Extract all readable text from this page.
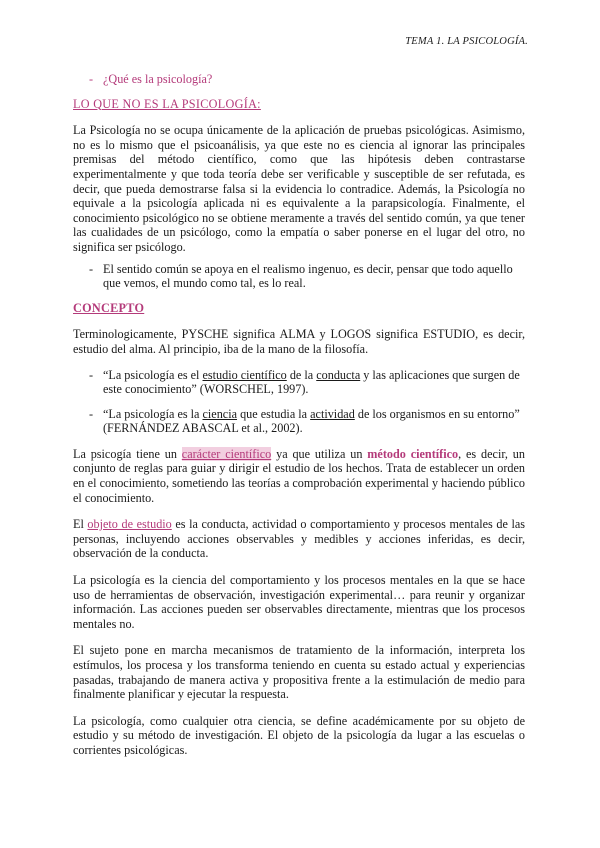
TEMA 1. LA PSICOLOGÍA.
- ¿Qué es la psicología?

LO QUE NO ES LA PSICOLOGÍA:

La Psicología no se ocupa únicamente de la aplicación de pruebas psicológicas. Asimismo, no es lo mismo que el psicoanálisis, ya que este no es ciencia al ignorar las principales premisas del método científico, como que las hipótesis deben contrastarse experimentalmente y que toda teoría debe ser verificable y susceptible de ser refutada, es decir, que pueda demostrarse falsa si la evidencia lo contradice. Además, la Psicología no equivale a la psicología aplicada ni es equivalente a la parapsicología. Finalmente, el conocimiento psicológico no se obtiene meramente a través del sentido común, ya que tener las cualidades de un psicólogo, como la empatía o saber ponerse en el lugar del otro, no significa ser psicólogo.

- El sentido común se apoya en el realismo ingenuo, es decir, pensar que todo aquello que vemos, el mundo como tal, es lo real.

CONCEPTO

Terminologicamente, PYSCHE significa ALMA y LOGOS significa ESTUDIO, es decir, estudio del alma. Al principio, iba de la mano de la filosofía.

- “La psicología es el estudio científico de la conducta y las aplicaciones que surgen de este conocimiento” (WORSCHEL, 1997).
- “La psicología es la ciencia que estudia la actividad de los organismos en su entorno” (FERNÁNDEZ ABASCAL et al., 2002).

La psicogía tiene un carácter científico ya que utiliza un método científico, es decir, un conjunto de reglas para guiar y dirigir el estudio de los hechos. Trata de establecer un orden en el conocimiento, sometiendo las teorías a comprobación experimental y haciendo público el conocimiento.

El objeto de estudio es la conducta, actividad o comportamiento y procesos mentales de las personas, incluyendo acciones observables y medibles y acciones inferidas, es decir, observación de la conducta.

La psicología es la ciencia del comportamiento y los procesos mentales en la que se hace uso de herramientas de observación, investigación experimental… para reunir y organizar información. Las acciones pueden ser observables directamente, mientras que los procesos mentales no.

El sujeto pone en marcha mecanismos de tratamiento de la información, interpreta los estímulos, los procesa y los transforma teniendo en cuenta su estado actual y experiencias pasadas, trabajando de manera activa y propositiva frente a la estimulación de medio para finalmente planificar y ejecutar la respuesta.

La psicología, como cualquier otra ciencia, se define académicamente por su objeto de estudio y su método de investigación. El objeto de la psicología da lugar a las escuelas o corrientes psicológicas.
